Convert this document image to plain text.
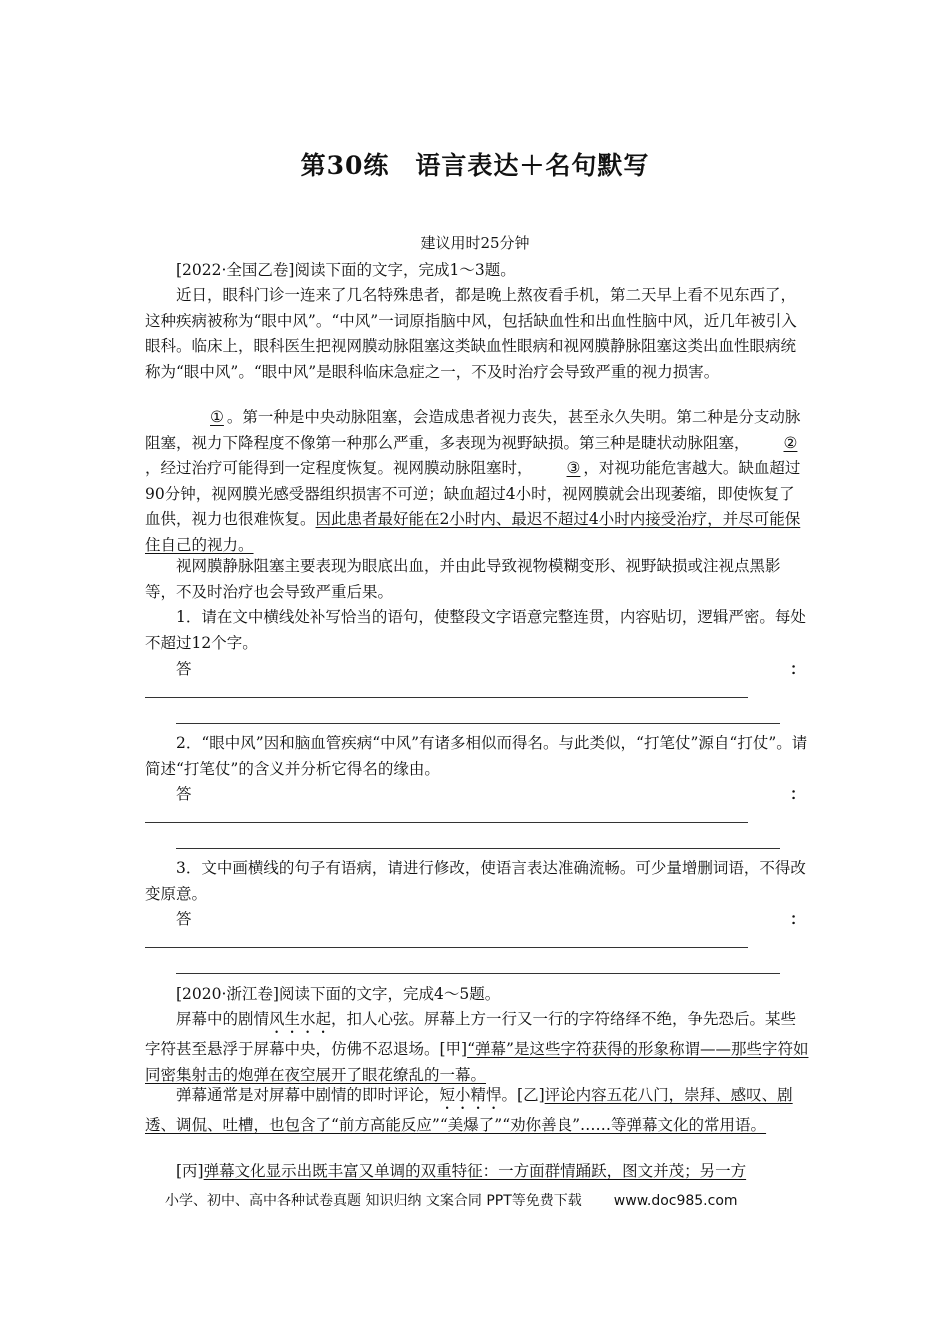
第30练　语言表达＋名句默写
建议用时25分钟
[2022·全国乙卷]阅读下面的文字，完成1～3题。
近日，眼科门诊一连来了几名特殊患者，都是晚上熬夜看手机，第二天早上看不见东西了，这种疾病被称为“眼中风”。“中风”一词原指脑中风，包括缺血性和出血性脑中风，近几年被引入眼科。临床上，眼科医生把视网膜动脉阻塞这类缺血性眼病和视网膜静脉阻塞这类出血性眼病统称为“眼中风”。“眼中风”是眼科临床急症之一，不及时治疗会导致严重的视力损害。
① 。第一种是中央动脉阻塞，会造成患者视力丧失，甚至永久失明。第二种是分支动脉阻塞，视力下降程度不像第一种那么严重，多表现为视野缺损。第三种是睫状动脉阻塞， ②，经过治疗可能得到一定程度恢复。视网膜动脉阻塞时， ③ ，对视功能危害越大。缺血超过90分钟，视网膜光感受器组织损害不可逆；缺血超过4小时，视网膜就会出现萎缩，即使恢复了血供，视力也很难恢复。因此患者最好能在2小时内、最迟不超过4小时内接受治疗，并尽可能保住自己的视力。
视网膜静脉阻塞主要表现为眼底出血，并由此导致视物模糊变形、视野缺损或注视点黑影等，不及时治疗也会导致严重后果。
1．请在文中横线处补写恰当的语句，使整段文字语意完整连贯，内容贴切，逻辑严密。每处不超过12个字。
答	：
2．“眼中风”因和脑血管疾病“中风”有诸多相似而得名。与此类似，“打笔仗”源自“打仗”。请简述“打笔仗”的含义并分析它得名的缘由。
答	：
3．文中画横线的句子有语病，请进行修改，使语言表达准确流畅。可少量增删词语，不得改变原意。
答	：
[2020·浙江卷]阅读下面的文字，完成4～5题。
屏幕中的剧情风生水起，扣人心弦。屏幕上方一行又一行的字符络绎不绝，争先恐后。某些字符甚至悬浮于屏幕中央，仿佛不忍退场。[甲]“弹幕”是这些字符获得的形象称谓——那些字符如同密集射击的炮弹在夜空展开了眼花缭乱的一幕。
弹幕通常是对屏幕中剧情的即时评论，短小精悍。[乙]评论内容五花八门，崇拜、感叹、剧透、调侃、吐槽，也包含了“前方高能反应”“美爆了”“劝你善良”……等弹幕文化的常用语。
[丙]弹幕文化显示出既丰富又单调的双重特征：一方面群情踊跃，图文并茂；另一方
小学、初中、高中各种试卷真题 知识归纳 文案合同 PPT等免费下载 www.doc985.com
